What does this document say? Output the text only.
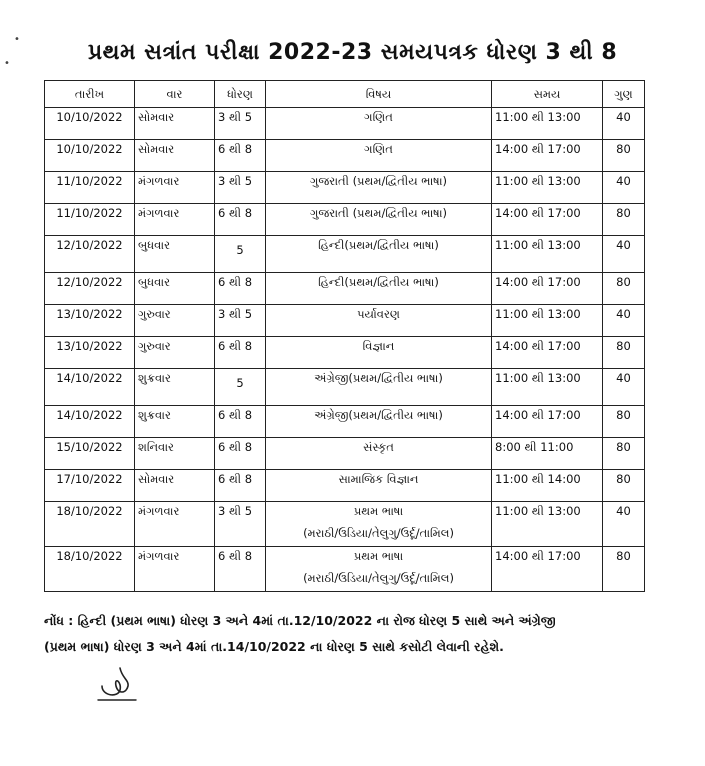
•
•	પ્રથમ સત્રાંત પરીક્ષા 2022-23 સમયપત્રક ધોરણ 3 થી 8
તારીખ	વાર	ધોરણ	વિષય	સમય	ગુણ
10/10/2022	સોમવાર	3 થી 5	ગણિત	11:00 થી 13:00	40
10/10/2022	સોમવાર	6 થી 8	ગણિત	14:00 થી 17:00	80
11/10/2022	મંગળવાર	3 થી 5	ગુજરાતી (પ્રથમ/દ્વિતીય ભાષા)	11:00 થી 13:00	40
11/10/2022	મંગળવાર	6 થી 8	ગુજરાતી (પ્રથમ/દ્વિતીય ભાષા)	14:00 થી 17:00	80
12/10/2022	બુધવાર	5	હિન્દી(પ્રથમ/દ્વિતીય ભાષા)	11:00 થી 13:00	40
12/10/2022	બુધવાર	6 થી 8	હિન્દી(પ્રથમ/દ્વિતીય ભાષા)	14:00 થી 17:00	80
13/10/2022	ગુરુવાર	3 થી 5	પર્યાવરણ	11:00 થી 13:00	40
13/10/2022	ગુરુવાર	6 થી 8	વિજ્ઞાન	14:00 થી 17:00	80
14/10/2022	શુક્રવાર	5	અંગ્રેજી(પ્રથમ/દ્વિતીય ભાષા)	11:00 થી 13:00	40
14/10/2022	શુક્રવાર	6 થી 8	અંગ્રેજી(પ્રથમ/દ્વિતીય ભાષા)	14:00 થી 17:00	80
15/10/2022	શનિવાર	6 થી 8	સંસ્કૃત	8:00 થી 11:00	80
17/10/2022	સોમવાર	6 થી 8	સામાજિક વિજ્ઞાન	11:00 થી 14:00	80
18/10/2022	મંગળવાર	3 થી 5	પ્રથમ ભાષા
(મરાઠી/ઉડિયા/તેલુગુ/ઉર્દૂ/તામિલ)	11:00 થી 13:00	40
18/10/2022	મંગળવાર	6 થી 8	પ્રથમ ભાષા
(મરાઠી/ઉડિયા/તેલુગુ/ઉર્દૂ/તામિલ)	14:00 થી 17:00	80
નોંધ : હિન્દી (પ્રથમ ભાષા) ધોરણ 3 અને 4માં તા.12/10/2022 ના રોજ ધોરણ 5 સાથે અને અંગ્રેજી
(પ્રથમ ભાષા) ધોરણ 3 અને 4માં તા.14/10/2022 ના ધોરણ 5 સાથે કસોટી લેવાની રહેશે.
